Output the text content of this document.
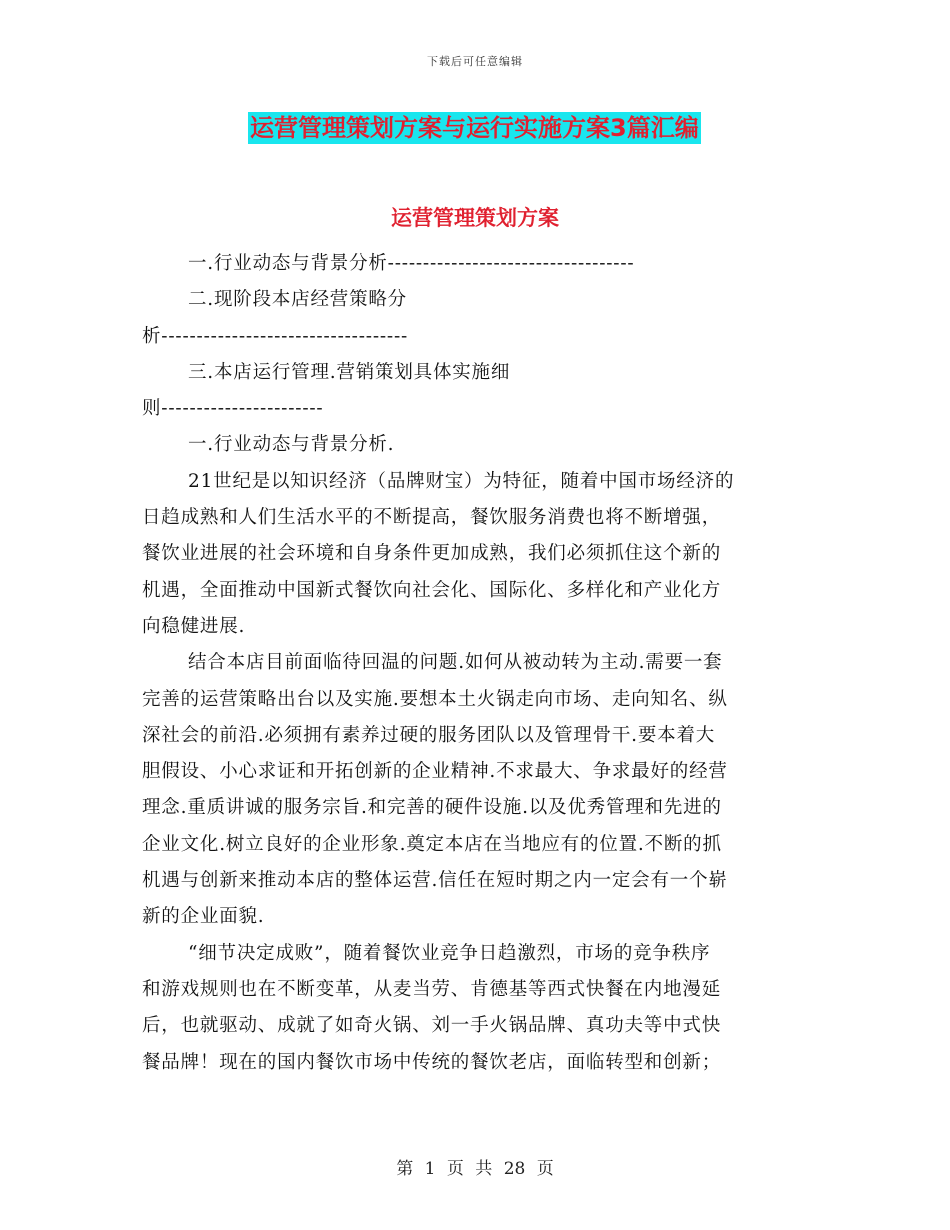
下载后可任意编辑
运营管理策划方案与运行实施方案3篇汇编
运营管理策划方案
一.行业动态与背景分析-----------------------------------
二.现阶段本店经营策略分
析-----------------------------------
三.本店运行管理.营销策划具体实施细
则-----------------------
一.行业动态与背景分析.
21世纪是以知识经济（品牌财宝）为特征，随着中国市场经济的
日趋成熟和人们生活水平的不断提高，餐饮服务消费也将不断增强，
餐饮业进展的社会环境和自身条件更加成熟，我们必须抓住这个新的
机遇，全面推动中国新式餐饮向社会化、国际化、多样化和产业化方
向稳健进展.
结合本店目前面临待回温的问题.如何从被动转为主动.需要一套
完善的运营策略出台以及实施.要想本土火锅走向市场、走向知名、纵
深社会的前沿.必须拥有素养过硬的服务团队以及管理骨干.要本着大
胆假设、小心求证和开拓创新的企业精神.不求最大、争求最好的经营
理念.重质讲诚的服务宗旨.和完善的硬件设施.以及优秀管理和先进的
企业文化.树立良好的企业形象.奠定本店在当地应有的位置.不断的抓
机遇与创新来推动本店的整体运营.信任在短时期之内一定会有一个崭
新的企业面貌.
“细节决定成败”，随着餐饮业竞争日趋激烈，市场的竞争秩序
和游戏规则也在不断变革，从麦当劳、肯德基等西式快餐在内地漫延
后，也就驱动、成就了如奇火锅、刘一手火锅品牌、真功夫等中式快
餐品牌！现在的国内餐饮市场中传统的餐饮老店，面临转型和创新；
第 1 页 共 28 页
